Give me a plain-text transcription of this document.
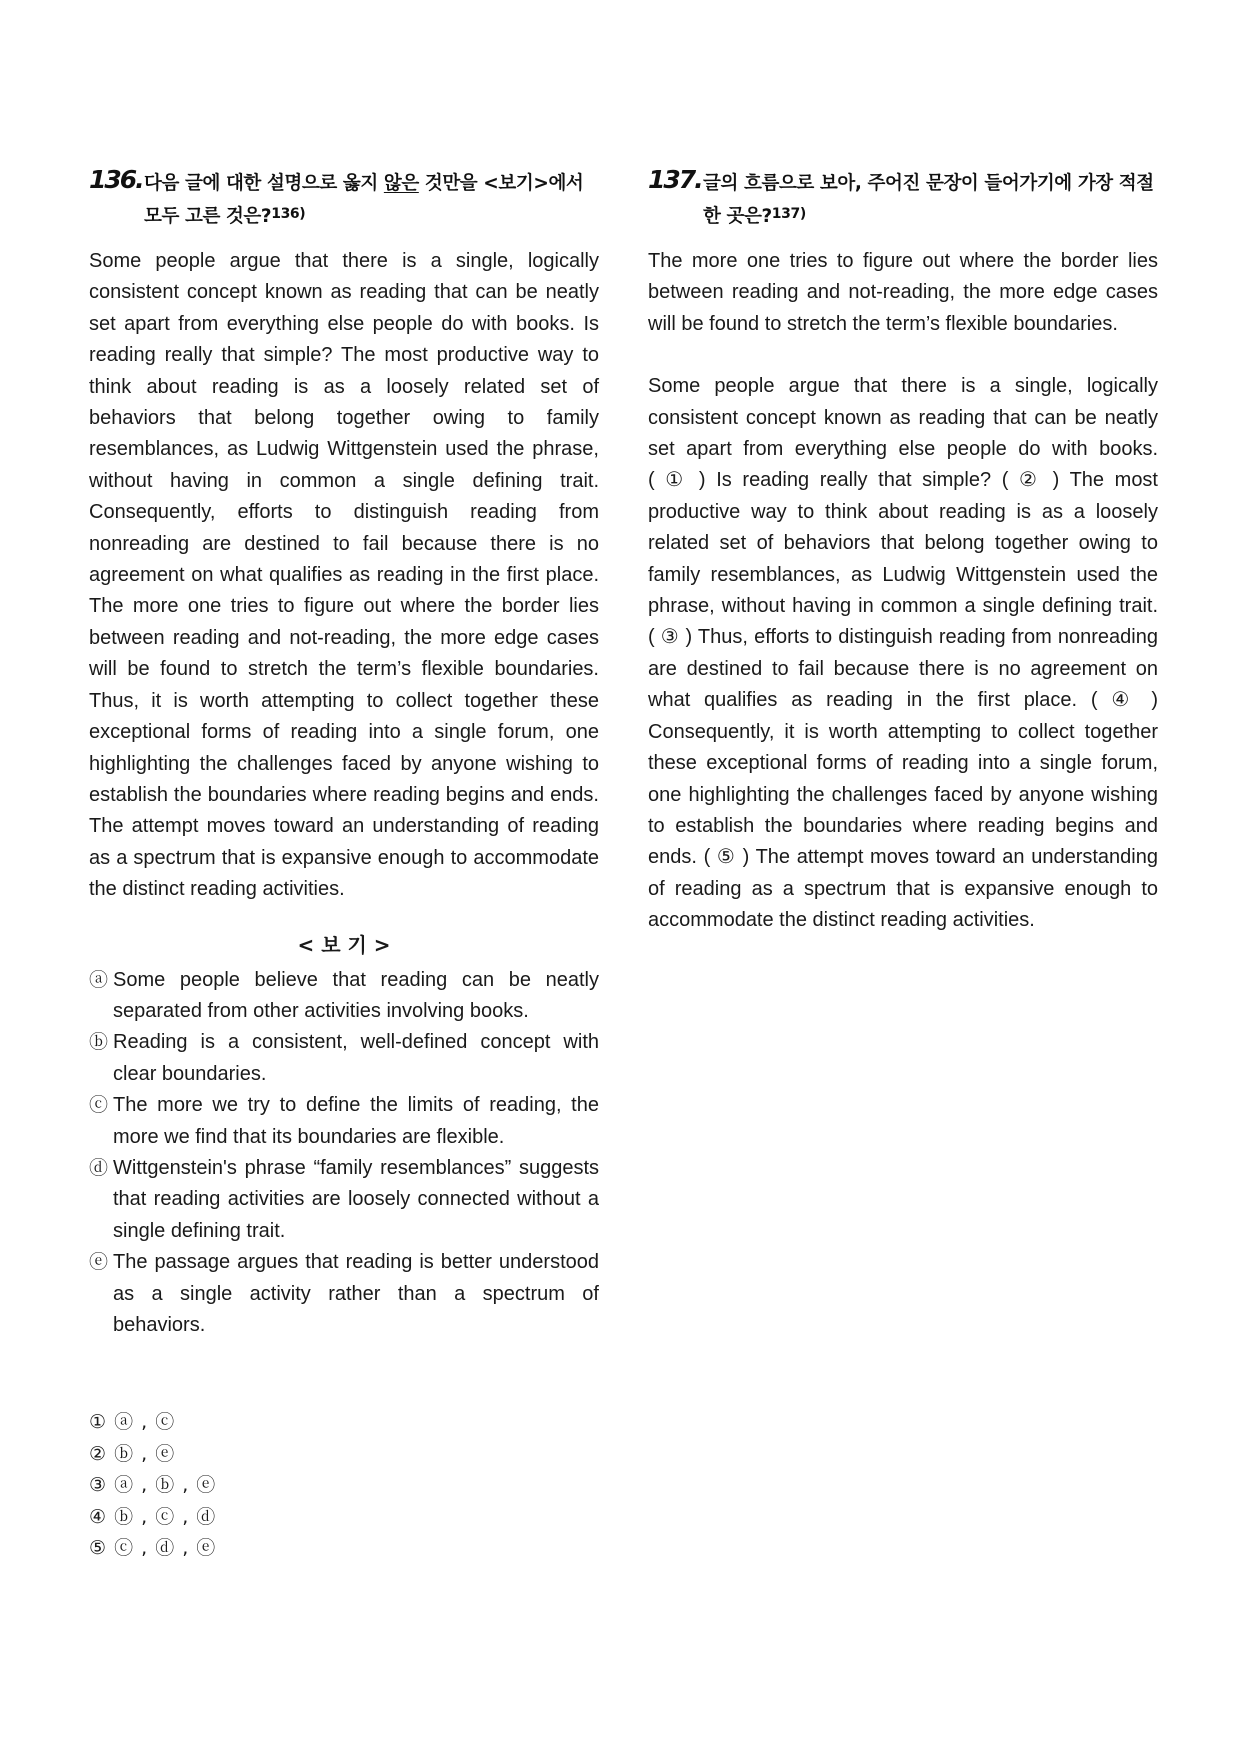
136. 다음 글에 대한 설명으로 옳지 않은 것만을 <보기>에서 모두 고른 것은?$^{136)}$

Some people argue that there is a single, logically consistent concept known as reading that can be neatly set apart from everything else people do with books. Is reading really that simple? The most productive way to think about reading is as a loosely related set of behaviors that belong together owing to family resemblances, as Ludwig Wittgenstein used the phrase, without having in common a single defining trait. Consequently, efforts to distinguish reading from nonreading are destined to fail because there is no agreement on what qualifies as reading in the first place. The more one tries to figure out where the border lies between reading and not-reading, the more edge cases will be found to stretch the term’s flexible boundaries. Thus, it is worth attempting to collect together these exceptional forms of reading into a single forum, one highlighting the challenges faced by anyone wishing to establish the boundaries where reading begins and ends. The attempt moves toward an understanding of reading as a spectrum that is expansive enough to accommodate the distinct reading activities.

< 보 기 >
ⓐ Some people believe that reading can be neatly separated from other activities involving books.
ⓑ Reading is a consistent, well-defined concept with clear boundaries.
ⓒ The more we try to define the limits of reading, the more we find that its boundaries are flexible.
ⓓ Wittgenstein's phrase “family resemblances” suggests that reading activities are loosely connected without a single defining trait.
ⓔ The passage argues that reading is better understood as a single activity rather than a spectrum of behaviors.
① ⓐ , ⓒ
② ⓑ , ⓔ
③ ⓐ , ⓑ , ⓔ
④ ⓑ , ⓒ , ⓓ
⑤ ⓒ , ⓓ , ⓔ
137. 글의 흐름으로 보아, 주어진 문장이 들어가기에 가장 적절한 곳은?$^{137)}$

The more one tries to figure out where the border lies between reading and not-reading, the more edge cases will be found to stretch the term’s flexible boundaries.

Some people argue that there is a single, logically consistent concept known as reading that can be neatly set apart from everything else people do with books. ( ① ) Is reading really that simple? ( ② ) The most productive way to think about reading is as a loosely related set of behaviors that belong together owing to family resemblances, as Ludwig Wittgenstein used the phrase, without having in common a single defining trait. ( ③ ) Thus, efforts to distinguish reading from nonreading are destined to fail because there is no agreement on what qualifies as reading in the first place. ( ④ ) Consequently, it is worth attempting to collect together these exceptional forms of reading into a single forum, one highlighting the challenges faced by anyone wishing to establish the boundaries where reading begins and ends. ( ⑤ ) The attempt moves toward an understanding of reading as a spectrum that is expansive enough to accommodate the distinct reading activities.
